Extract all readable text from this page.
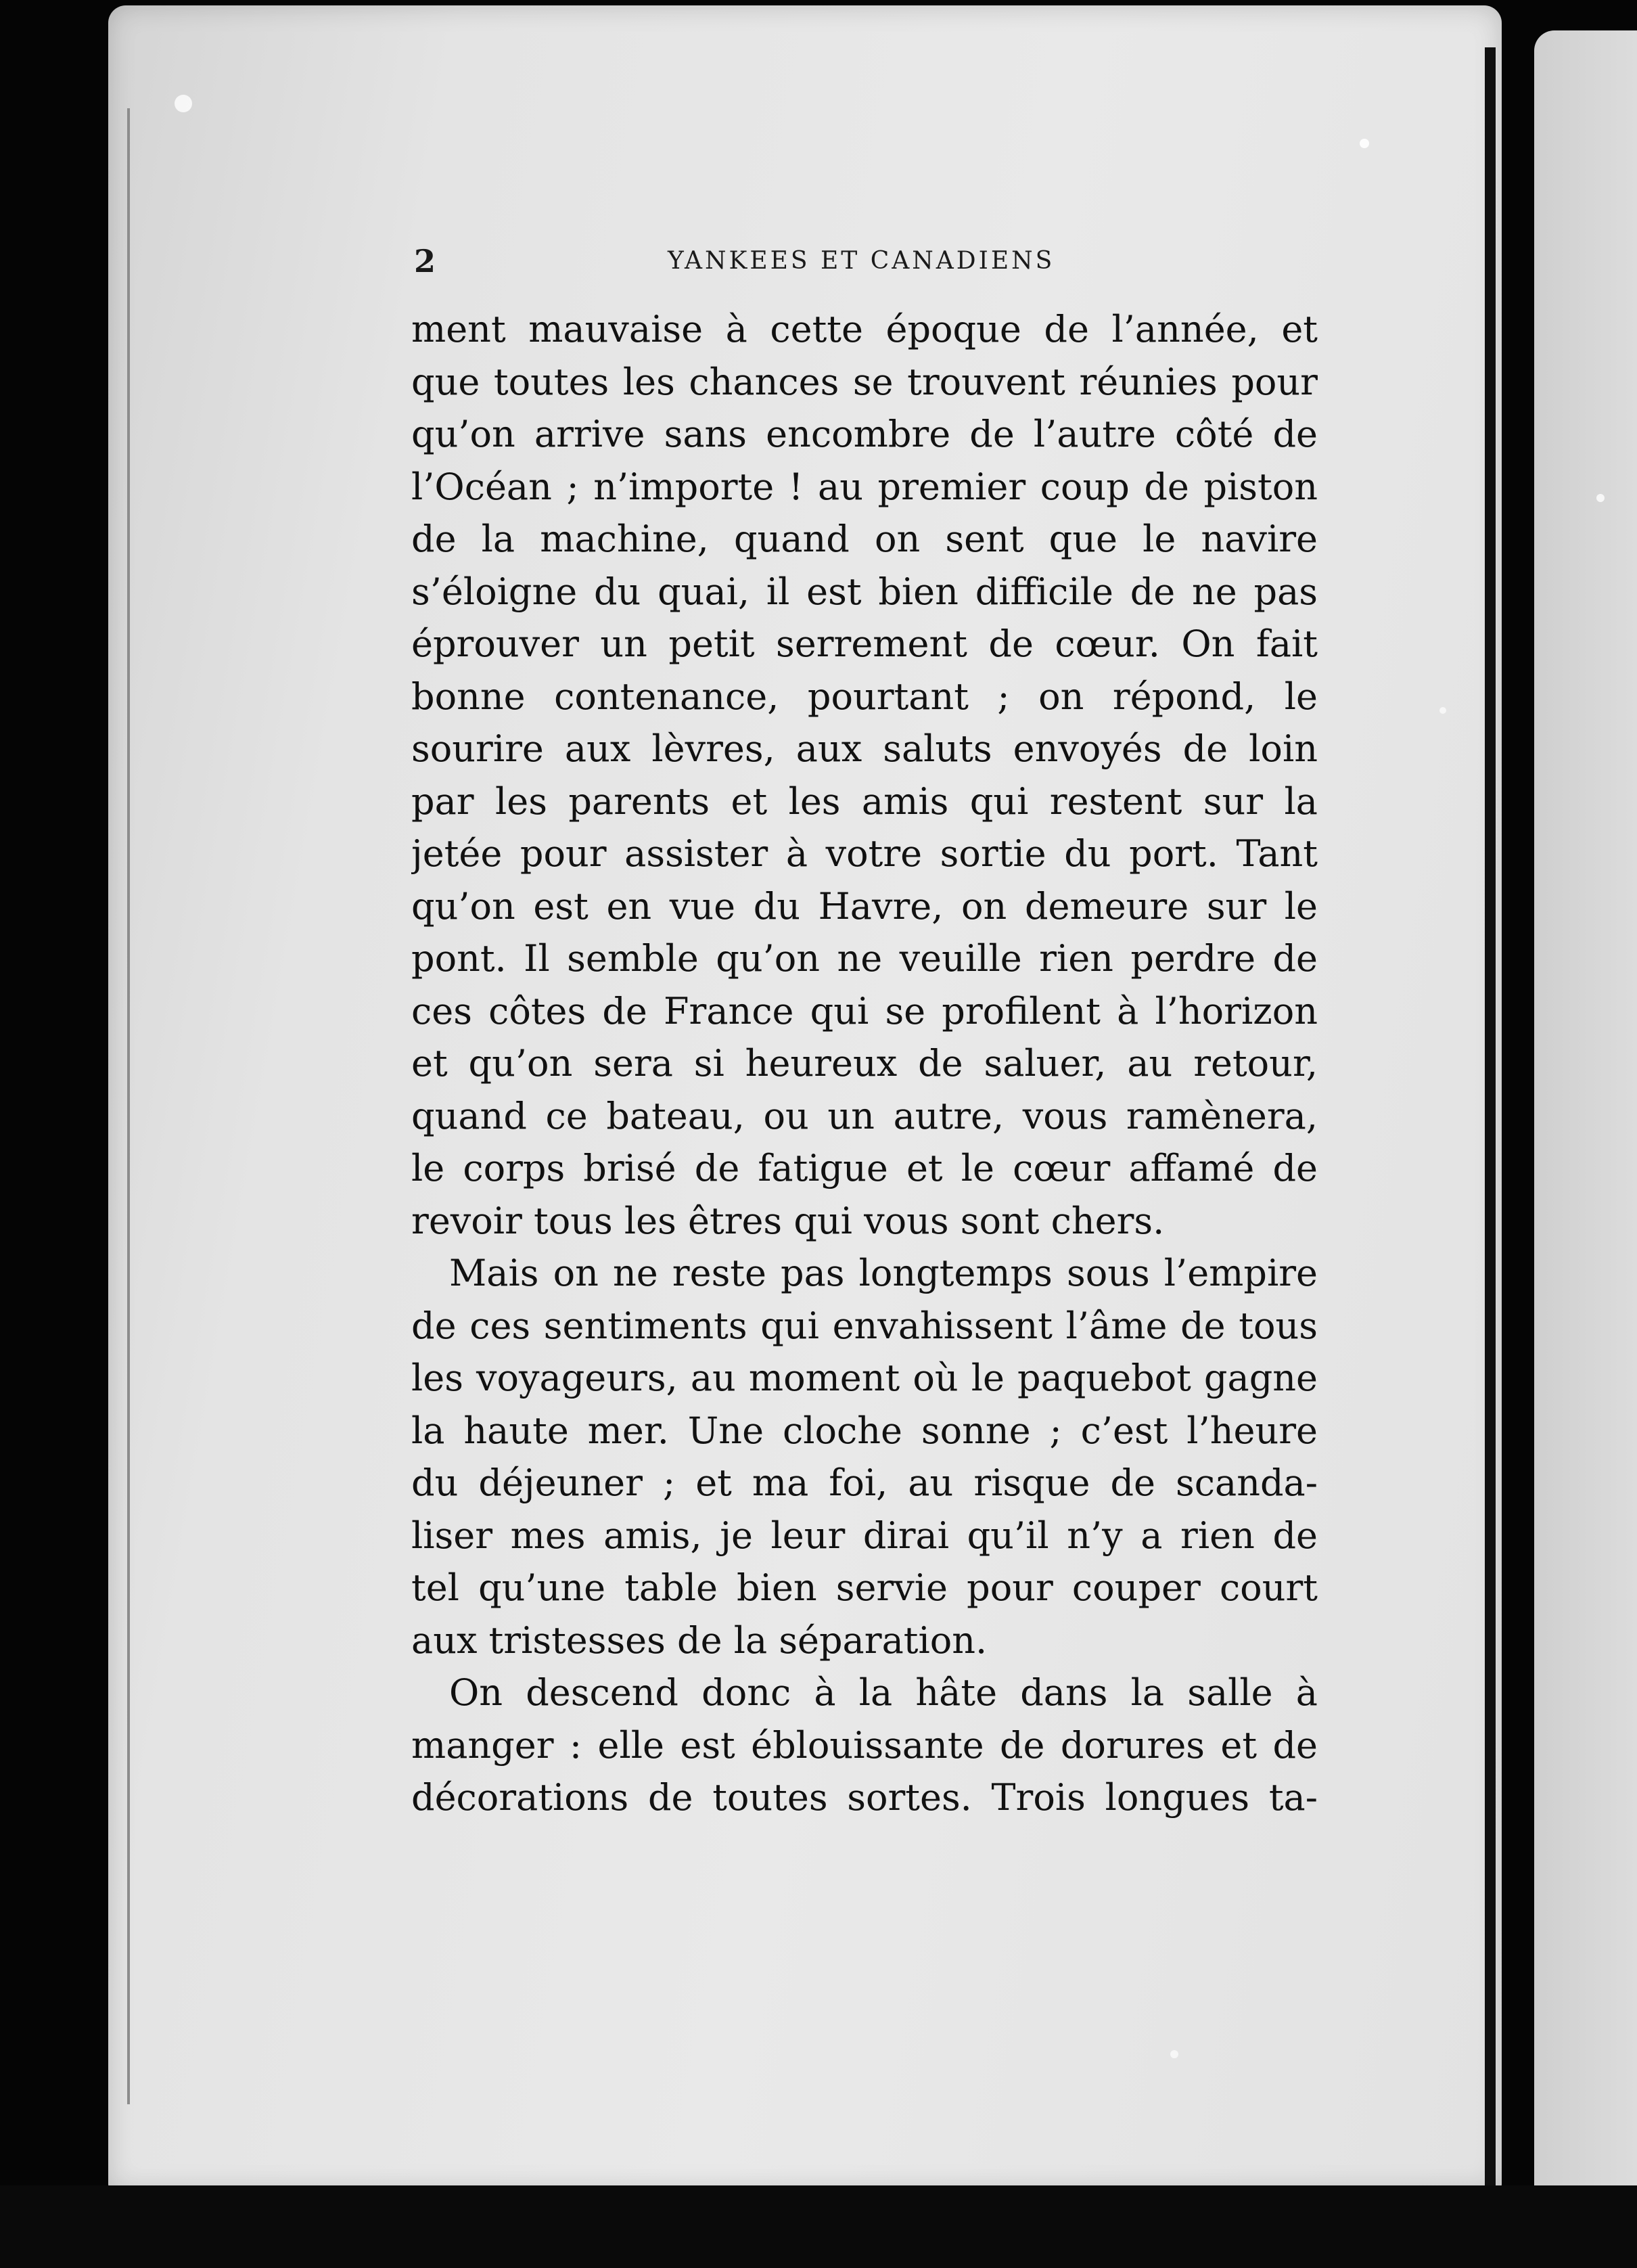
2	YANKEES ET CANADIENS
ment mauvaise à cette époque de l’année, et
que toutes les chances se trouvent réunies pour
qu’on arrive sans encombre de l’autre côté de
l’Océan ; n’importe ! au premier coup de piston
de la machine, quand on sent que le navire
s’éloigne du quai, il est bien difficile de ne pas
éprouver un petit serrement de cœur. On fait
bonne contenance, pourtant ; on répond, le
sourire aux lèvres, aux saluts envoyés de loin
par les parents et les amis qui restent sur la
jetée pour assister à votre sortie du port. Tant
qu’on est en vue du Havre, on demeure sur le
pont. Il semble qu’on ne veuille rien perdre de
ces côtes de France qui se profilent à l’horizon
et qu’on sera si heureux de saluer, au retour,
quand ce bateau, ou un autre, vous ramènera,
le corps brisé de fatigue et le cœur affamé de
revoir tous les êtres qui vous sont chers.
Mais on ne reste pas longtemps sous l’empire
de ces sentiments qui envahissent l’âme de tous
les voyageurs, au moment où le paquebot gagne
la haute mer. Une cloche sonne ; c’est l’heure
du déjeuner ; et ma foi, au risque de scanda-
liser mes amis, je leur dirai qu’il n’y a rien de
tel qu’une table bien servie pour couper court
aux tristesses de la séparation.
On descend donc à la hâte dans la salle à
manger : elle est éblouissante de dorures et de
décorations de toutes sortes. Trois longues ta-
